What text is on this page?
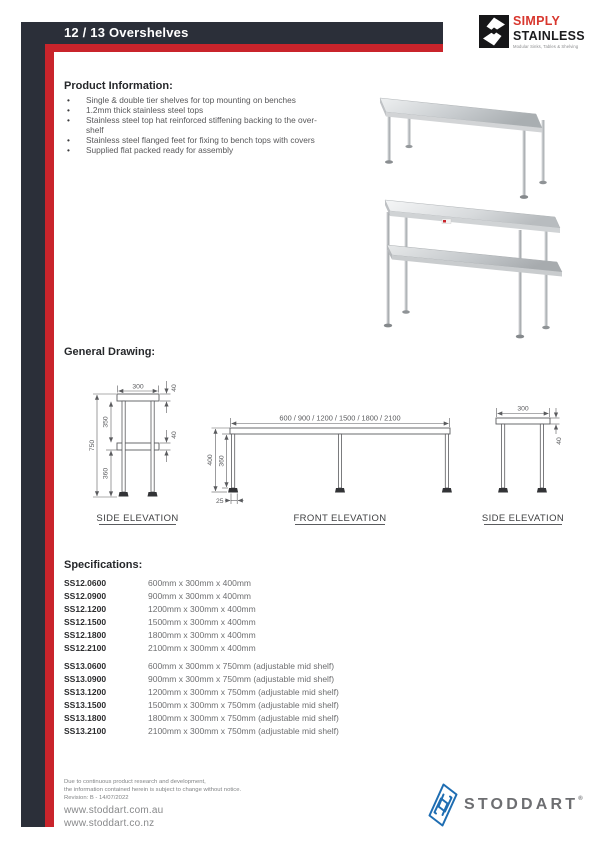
12 / 13 Overshelves
SIMPLY
STAINLESS
Modular Sinks, Tables & Shelving
Product Information:
•	Single & double tier shelves for top mounting on benches
•	1.2mm thick stainless steel tops
•	Stainless steel top hat reinforced stiffening backing to the over-shelf
•	Stainless steel flanged feet for fixing to bench tops with covers
•	Supplied flat packed ready for assembly
General Drawing:
300	40
350
40
750
360
600 / 900 / 1200 / 1500 / 1800 / 2100
400 360
25
300
40
SIDE ELEVATION	FRONT ELEVATION	SIDE ELEVATION
Specifications:
SS12.0600	600mm x 300mm x 400mm
SS12.0900	900mm x 300mm x 400mm
SS12.1200	1200mm x 300mm x 400mm
SS12.1500	1500mm x 300mm x 400mm
SS12.1800	1800mm x 300mm x 400mm
SS12.2100	2100mm x 300mm x 400mm
SS13.0600	600mm x 300mm x 750mm (adjustable mid shelf)
SS13.0900	900mm x 300mm x 750mm (adjustable mid shelf)
SS13.1200	1200mm x 300mm x 750mm (adjustable mid shelf)
SS13.1500	1500mm x 300mm x 750mm (adjustable mid shelf)
SS13.1800	1800mm x 300mm x 750mm (adjustable mid shelf)
SS13.2100	2100mm x 300mm x 750mm (adjustable mid shelf)
Due to continuous product research and development,
the information contained herein is subject to change without notice.
Revision: B - 14/07/2022
www.stoddart.com.au
www.stoddart.co.nz
STODDART®
